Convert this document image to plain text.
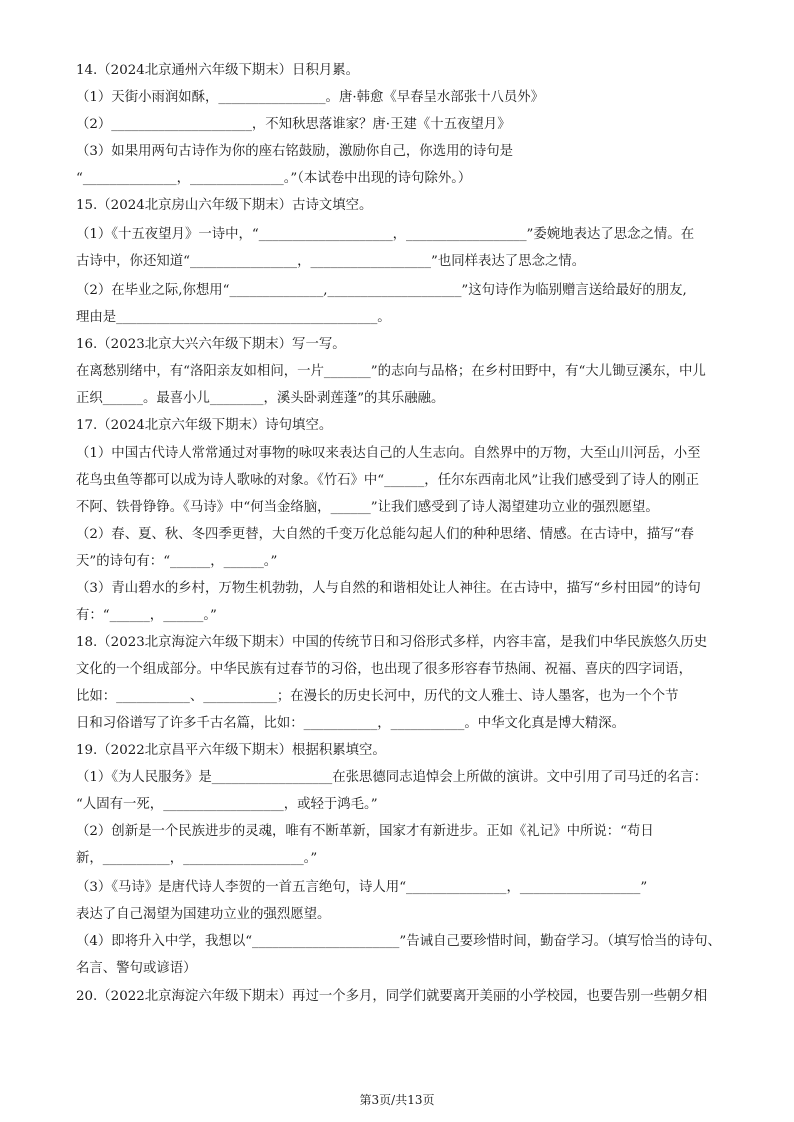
14.（2024北京通州六年级下期末）日积月累。
（1）天街小雨润如酥，________________。唐·韩愈《早春呈水部张十八员外》
（2）_____________________，不知秋思落谁家？唐·王建《十五夜望月》
（3）如果用两句古诗作为你的座右铭鼓励，激励你自己，你选用的诗句是
“______________，______________。”（本试卷中出现的诗句除外。）
15.（2024北京房山六年级下期末）古诗文填空。
（1）《十五夜望月》一诗中，“____________________，__________________”委婉地表达了思念之情。在
古诗中，你还知道“________________，__________________”也同样表达了思念之情。
（2）在毕业之际,你想用“______________,____________________”这句诗作为临别赠言送给最好的朋友,
理由是_______________________________________。
16.（2023北京大兴六年级下期末）写一写。
在离愁别绪中，有“洛阳亲友如相问，一片_______”的志向与品格；在乡村田野中，有“大儿锄豆溪东，中儿
正织______。最喜小儿________，溪头卧剥莲蓬”的其乐融融。
17.（2024北京六年级下期末）诗句填空。
（1）中国古代诗人常常通过对事物的咏叹来表达自己的人生志向。自然界中的万物，大至山川河岳，小至
花鸟虫鱼等都可以成为诗人歌咏的对象。《竹石》中“______，任尔东西南北风”让我们感受到了诗人的刚正
不阿、铁骨铮铮。《马诗》中“何当金络脑，______”让我们感受到了诗人渴望建功立业的强烈愿望。
（2）春、夏、秋、冬四季更替，大自然的千变万化总能勾起人们的种种思绪、情感。在古诗中，描写“春
天”的诗句有：“______，______。”
（3）青山碧水的乡村，万物生机勃勃，人与自然的和谐相处让人神往。在古诗中，描写“乡村田园”的诗句
有：“______，______。”
18.（2023北京海淀六年级下期末）中国的传统节日和习俗形式多样，内容丰富，是我们中华民族悠久历史
文化的一个组成部分。中华民族有过春节的习俗，也出现了很多形容春节热闹、祝福、喜庆的四字词语，
比如：___________、___________；在漫长的历史长河中，历代的文人雅士、诗人墨客，也为一个个节
日和习俗谱写了许多千古名篇，比如：___________，___________。中华文化真是博大精深。
19.（2022北京昌平六年级下期末）根据积累填空。
（1）《为人民服务》是__________________在张思德同志追悼会上所做的演讲。文中引用了司马迁的名言：
“人固有一死，__________________，或轻于鸿毛。”
（2）创新是一个民族进步的灵魂，唯有不断革新，国家才有新进步。正如《礼记》中所说：“苟日
新，__________，__________________。”
（3）《马诗》是唐代诗人李贺的一首五言绝句，诗人用“_______________，__________________”
表达了自己渴望为国建功立业的强烈愿望。
（4）即将升入中学，我想以“______________________”告诫自己要珍惜时间，勤奋学习。（填写恰当的诗句、
名言、警句或谚语）
20.（2022北京海淀六年级下期末）再过一个多月，同学们就要离开美丽的小学校园，也要告别一些朝夕相
第3页/共13页
